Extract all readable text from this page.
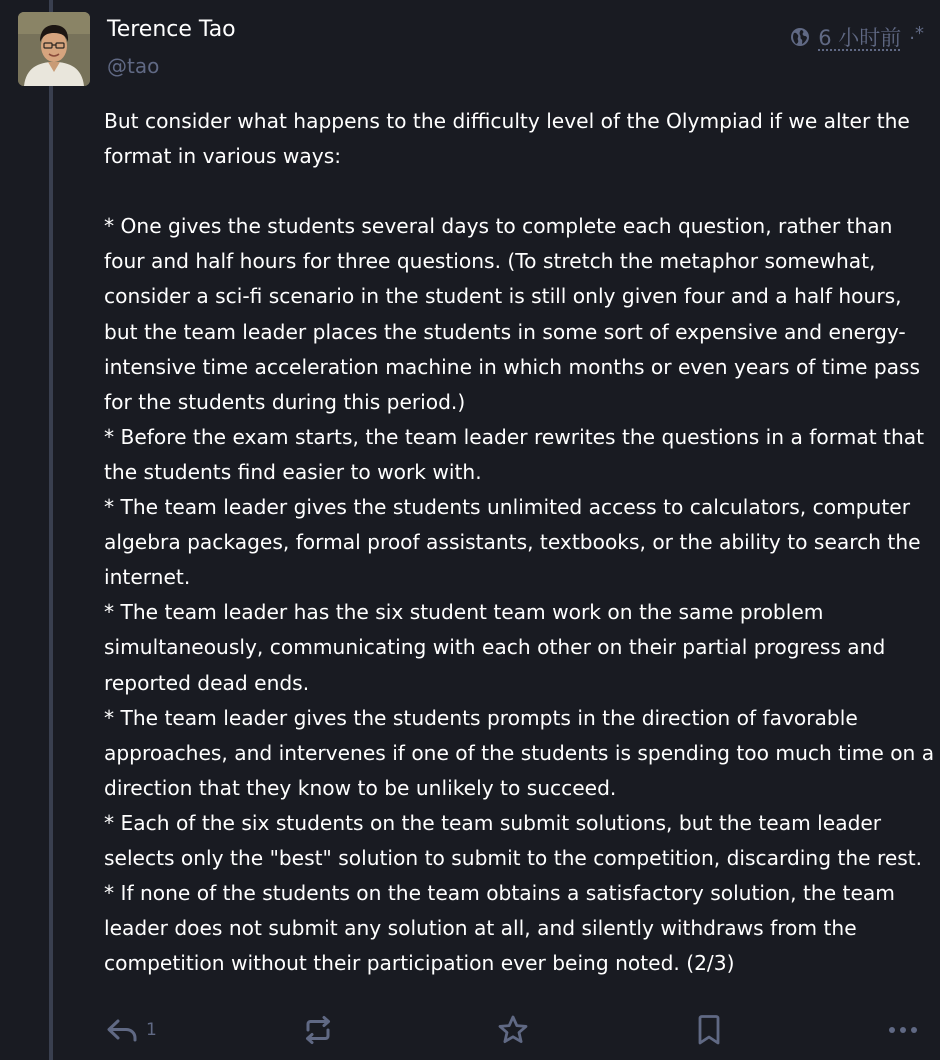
Terence Tao
@tao
6 小时前 .*

But consider what happens to the difficulty level of the Olympiad if we alter the

format in various ways:

* One gives the students several days to complete each question, rather than

four and half hours for three questions. (To stretch the metaphor somewhat,

consider a sci-fi scenario in the student is still only given four and a half hours,

but the team leader places the students in some sort of expensive and energy-

intensive time acceleration machine in which months or even years of time pass

for the students during this period.)

* Before the exam starts, the team leader rewrites the questions in a format that

the students find easier to work with.

* The team leader gives the students unlimited access to calculators, computer

algebra packages, formal proof assistants, textbooks, or the ability to search the

internet.

* The team leader has the six student team work on the same problem

simultaneously, communicating with each other on their partial progress and

reported dead ends.

* The team leader gives the students prompts in the direction of favorable

approaches, and intervenes if one of the students is spending too much time on a

direction that they know to be unlikely to succeed.

* Each of the six students on the team submit solutions, but the team leader

selects only the "best" solution to submit to the competition, discarding the rest.

* If none of the students on the team obtains a satisfactory solution, the team

leader does not submit any solution at all, and silently withdraws from the

competition without their participation ever being noted. (2/3)

1
